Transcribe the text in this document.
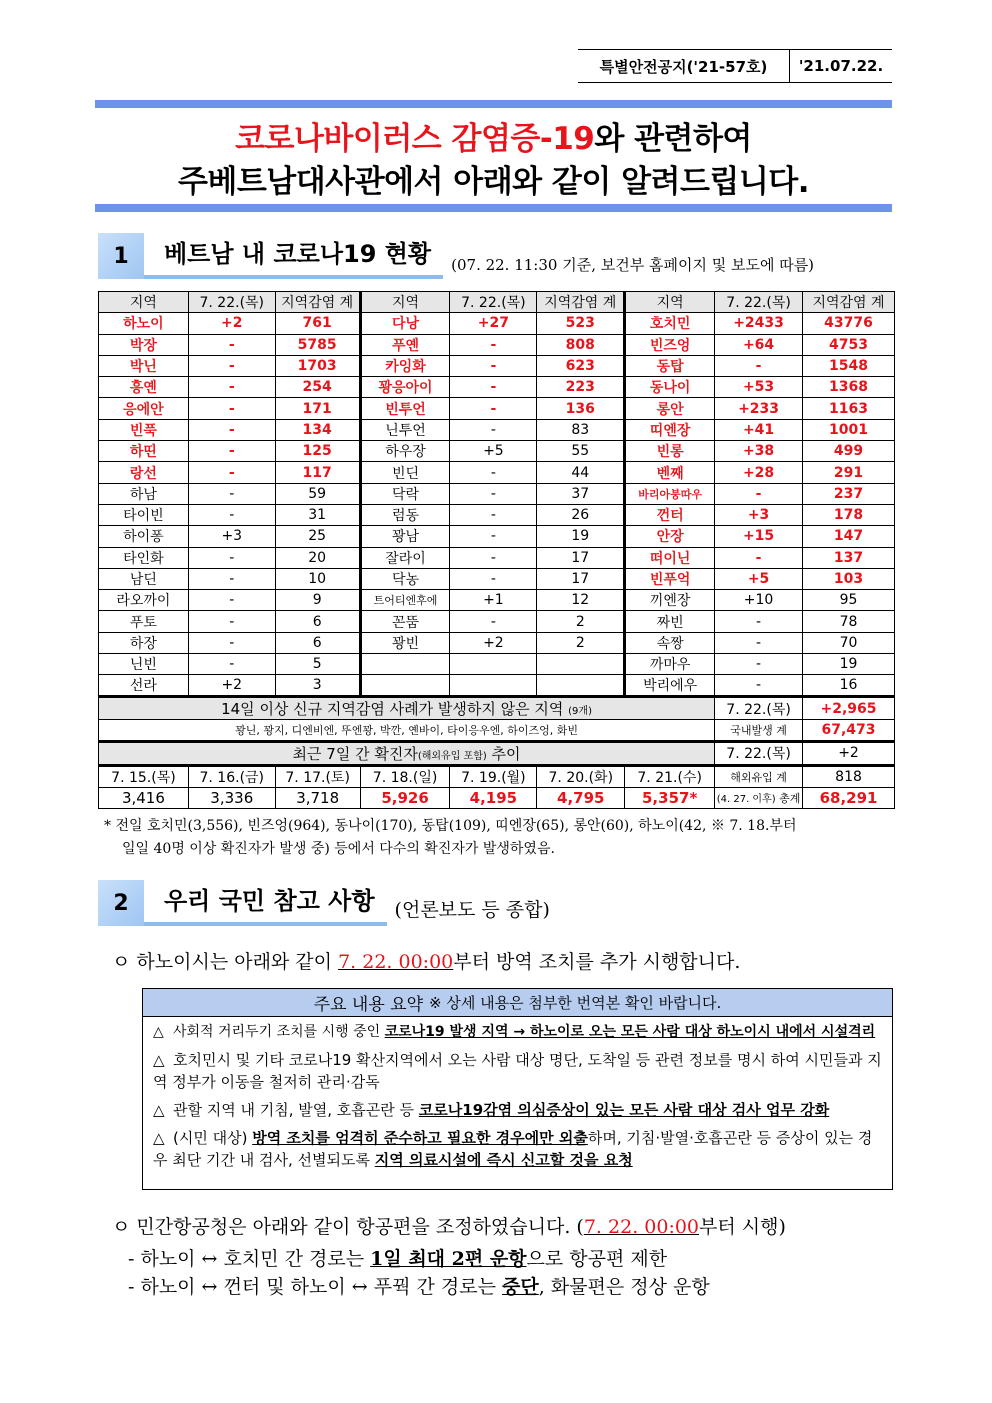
특별안전공지('21-57호)	'21.07.22.
코로나바이러스 감염증-19와 관련하여
주베트남대사관에서 아래와 같이 알려드립니다.
1	베트남 내 코로나19 현황	(07. 22. 11:30 기준, 보건부 홈페이지 및 보도에 따름)
지역	7. 22.(목)	지역감염 계	지역	7. 22.(목)	지역감염 계	지역	7. 22.(목)	지역감염 계
하노이	+2	761	다낭	+27	523	호치민	+2433	43776
박장	-	5785	푸옌	-	808	빈즈엉	+64	4753
박닌	-	1703	카잉화	-	623	동탑	-	1548
흥옌	-	254	꽝응아이	-	223	동나이	+53	1368
응에안	-	171	빈투언	-	136	롱안	+233	1163
빈푹	-	134	닌투언	-	83	띠엔장	+41	1001
하띤	-	125	하우장	+5	55	빈롱	+38	499
랑선	-	117	빈딘	-	44	벤째	+28	291
하남	-	59	닥락	-	37	바리아붕따우	-	237
타이빈	-	31	럼동	-	26	껀터	+3	178
하이퐁	+3	25	꽝남	-	19	안장	+15	147
타인화	-	20	잘라이	-	17	떠이닌	-	137
남딘	-	10	닥농	-	17	빈푸억	+5	103
라오까이	-	9	트어티엔후에	+1	12	끼엔장	+10	95
푸토	-	6	꼰뚬	-	2	짜빈	-	78
하장	-	6	꽝빈	+2	2	속짱	-	70
닌빈	-	5				까마우	-	19
선라	+2	3				박리에우	-	16
14일 이상 신규 지역감염 사례가 발생하지 않은 지역 (9개)							7. 22.(목)	+2,965
꽝닌, 꽝지, 디엔비엔, 뚜엔꽝, 박깐, 옌바이, 타이응우엔, 하이즈엉, 화빈							국내발생 계	67,473
최근 7일 간 확진자(해외유입 포함) 추이							7. 22.(목)	+2
7. 15.(목)	7. 16.(금)	7. 17.(토)	7. 18.(일)	7. 19.(월)	7. 20.(화)	7. 21.(수)	해외유입 계	818
3,416	3,336	3,718	5,926	4,195	4,795	5,357*	(4. 27. 이후) 총계	68,291
* 전일 호치민(3,556), 빈즈엉(964), 동나이(170), 동탑(109), 띠엔장(65), 롱안(60), 하노이(42, ※ 7. 18.부터
일일 40명 이상 확진자가 발생 중) 등에서 다수의 확진자가 발생하였음.
2	우리 국민 참고 사항	(언론보도 등 종합)
ㅇ 하노이시는 아래와 같이 7. 22. 00:00부터 방역 조치를 추가 시행합니다.
주요 내용 요약 ※ 상세 내용은 첨부한 번역본 확인 바랍니다.
△ 사회적 거리두기 조치를 시행 중인 코로나19 발생 지역 → 하노이로 오는 모든 사람 대상 하노이시 내에서 시설격리
△ 호치민시 및 기타 코로나19 확산지역에서 오는 사람 대상 명단, 도착일 등 관련 정보를 명시 하여 시민들과 지역 정부가 이동을 철저히 관리·감독
△ 관할 지역 내 기침, 발열, 호흡곤란 등 코로나19감염 의심증상이 있는 모든 사람 대상 검사 업무 강화
△ (시민 대상) 방역 조치를 엄격히 준수하고 필요한 경우에만 외출하며, 기침·발열·호흡곤란 등 증상이 있는 경우 최단 기간 내 검사, 선별되도록 지역 의료시설에 즉시 신고할 것을 요청
ㅇ 민간항공청은 아래와 같이 항공편을 조정하였습니다. (7. 22. 00:00부터 시행)
- 하노이 ↔ 호치민 간 경로는 1일 최대 2편 운항으로 항공편 제한
- 하노이 ↔ 껀터 및 하노이 ↔ 푸꿕 간 경로는 중단, 화물편은 정상 운항
